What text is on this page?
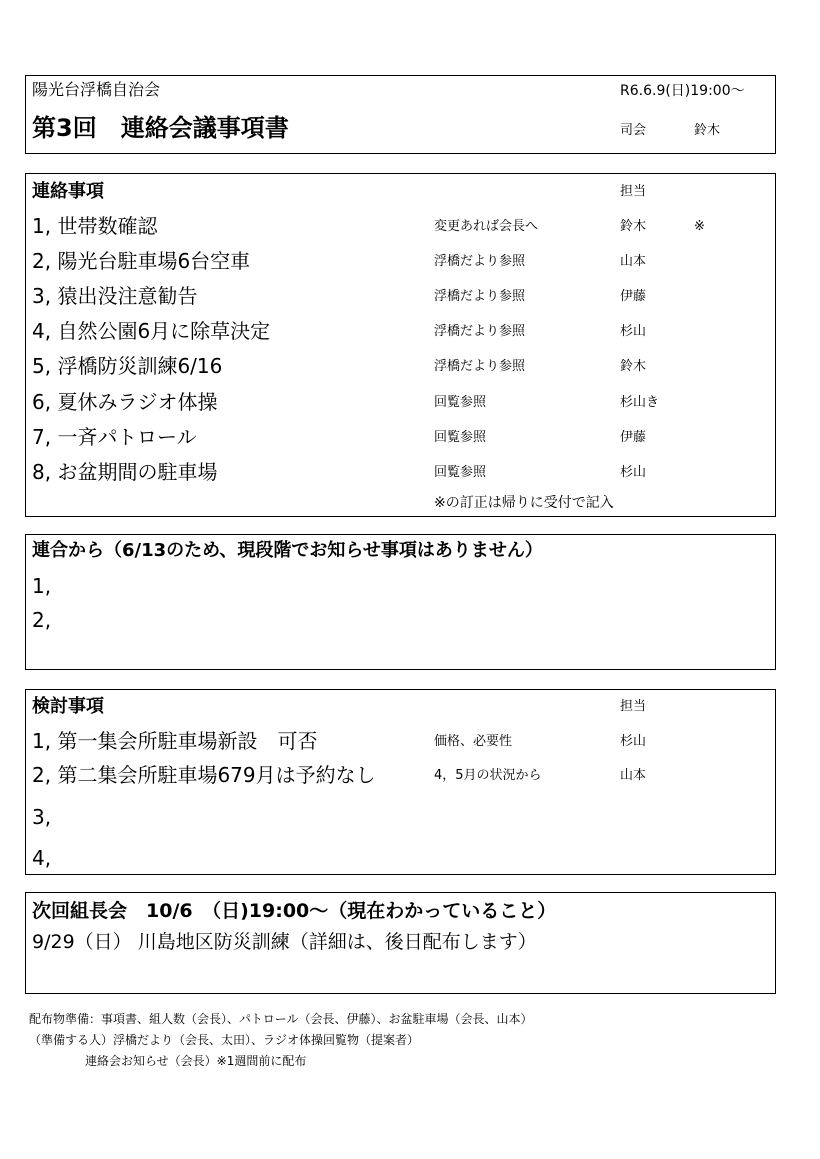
陽光台浮橋自治会	R6.6.9(日)19:00～
第3回　連絡会議事項書	司会	鈴木
連絡事項	担当
1, 世帯数確認	変更あれば会長へ	鈴木	※
2, 陽光台駐車場6台空車	浮橋だより参照	山本
3, 猿出没注意勧告	浮橋だより参照	伊藤
4, 自然公園6月に除草決定	浮橋だより参照	杉山
5, 浮橋防災訓練6/16	浮橋だより参照	鈴木
6, 夏休みラジオ体操	回覧参照	杉山き
7, 一斉パトロール	回覧参照	伊藤
8, お盆期間の駐車場	回覧参照	杉山
※の訂正は帰りに受付で記入
連合から（6/13のため、現段階でお知らせ事項はありません）
1,
2,
検討事項	担当
1, 第一集会所駐車場新設　可否	価格、必要性	杉山
2, 第二集会所駐車場679月は予約なし	4，5月の状況から	山本
3,
4,
次回組長会　10/6　（日)19:00～（現在わかっていること）
9/29（日） 川島地区防災訓練（詳細は、後日配布します）
配布物準備：事項書、組人数（会長）、パトロール（会長、伊藤）、お盆駐車場（会長、山本）
（準備する人）浮橋だより（会長、太田）、ラジオ体操回覧物（提案者）
連絡会お知らせ（会長）※1週間前に配布
